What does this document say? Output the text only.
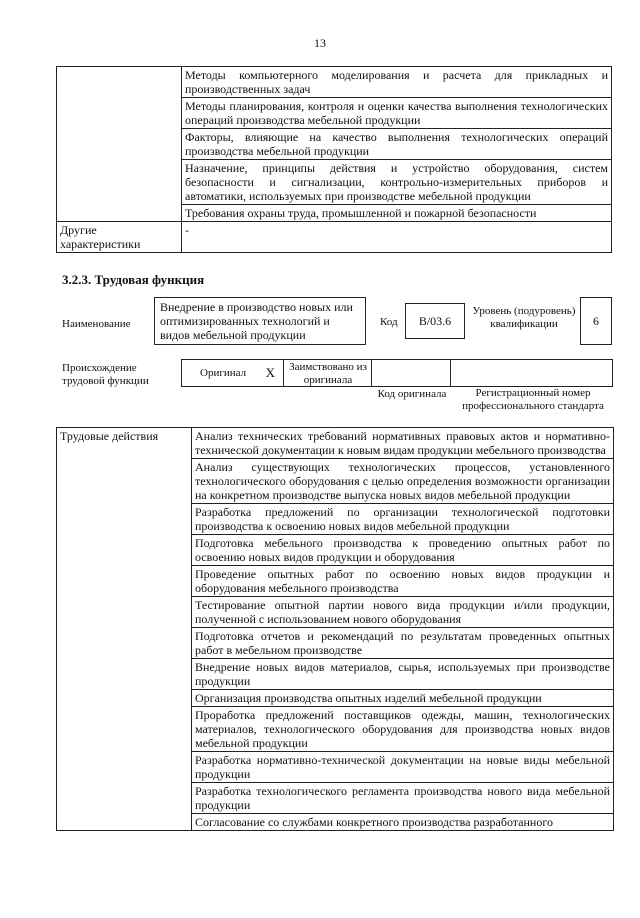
13
	Методы компьютерного моделирования и расчета для прикладных и производственных задач
	Методы планирования, контроля и оценки качества выполнения технологических операций производства мебельной продукции
	Факторы, влияющие на качество выполнения технологических операций производства мебельной продукции
	Назначение, принципы действия и устройство оборудования, систем безопасности и сигнализации, контрольно-измерительных приборов и автоматики, используемых при производстве мебельной продукции
	Требования охраны труда, промышленной и пожарной безопасности
Другие характеристики	-
3.2.3. Трудовая функция
Наименование
Внедрение в производство новых или оптимизированных технологий и видов мебельной продукции
Код	В/03.6
Уровень (подуровень) квалификации	6
Происхождение трудовой функции
Оригинал X Заимствовано из оригинала
Код оригинала	Регистрационный номер профессионального стандарта
Трудовые действия	Анализ технических требований нормативных правовых актов и нормативно-технической документации к новым видам продукции мебельного производства
Анализ существующих технологических процессов, установленного технологического оборудования с целью определения возможности организации на конкретном производстве выпуска новых видов мебельной продукции
Разработка предложений по организации технологической подготовки производства к освоению новых видов мебельной продукции
Подготовка мебельного производства к проведению опытных работ по освоению новых видов продукции и оборудования
Проведение опытных работ по освоению новых видов продукции и оборудования мебельного производства
Тестирование опытной партии нового вида продукции и/или продукции, полученной с использованием нового оборудования
Подготовка отчетов и рекомендаций по результатам проведенных опытных работ в мебельном производстве
Внедрение новых видов материалов, сырья, используемых при производстве продукции
Организация производства опытных изделий мебельной продукции
Проработка предложений поставщиков одежды, машин, технологических материалов, технологического оборудования для производства новых видов мебельной продукции
Разработка нормативно-технической документации на новые виды мебельной продукции
Разработка технологического регламента производства нового вида мебельной продукции
Согласование со службами конкретного производства разработанного
